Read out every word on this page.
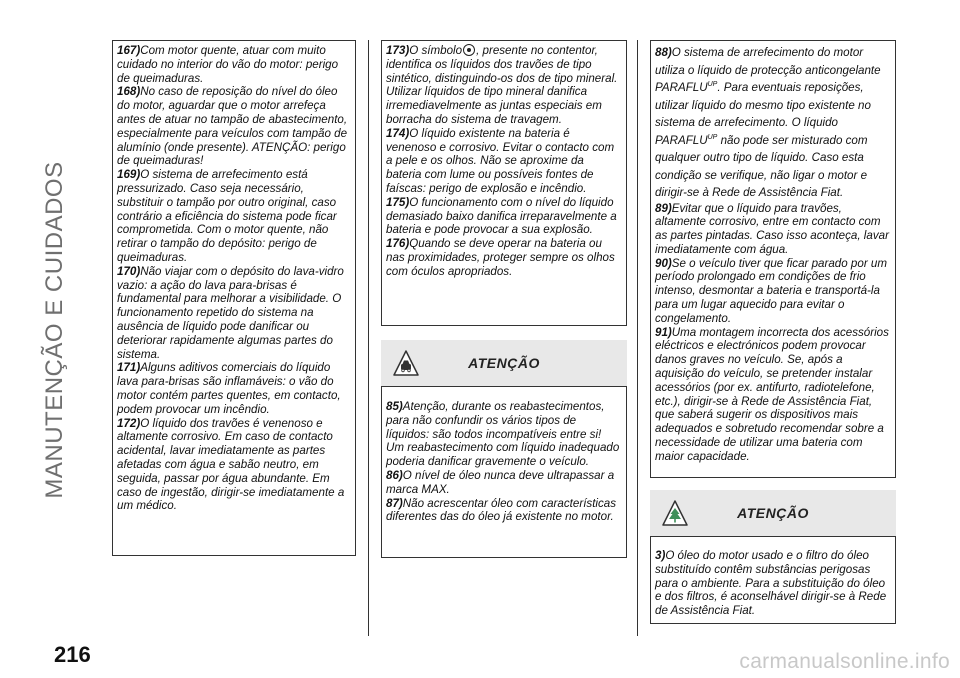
MANUTENÇÃO E CUIDADOS

167)Com motor quente, atuar com muito cuidado no interior do vão do motor: perigo de queimaduras.

168)No caso de reposição do nível do óleo do motor, aguardar que o motor arrefeça antes de atuar no tampão de abastecimento, especialmente para veículos com tampão de alumínio (onde presente). ATENÇÃO: perigo de queimaduras!

169)O sistema de arrefecimento está pressurizado. Caso seja necessário, substituir o tampão por outro original, caso contrário a eficiência do sistema pode ficar comprometida. Com o motor quente, não retirar o tampão do depósito: perigo de queimaduras.

170)Não viajar com o depósito do lava-vidro vazio: a ação do lava para-brisas é fundamental para melhorar a visibilidade. O funcionamento repetido do sistema na ausência de líquido pode danificar ou deteriorar rapidamente algumas partes do sistema.

171)Alguns aditivos comerciais do líquido lava para-brisas são inflamáveis: o vão do motor contém partes quentes, em contacto, podem provocar um incêndio.

172)O líquido dos travões é venenoso e altamente corrosivo. Em caso de contacto acidental, lavar imediatamente as partes afetadas com água e sabão neutro, em seguida, passar por água abundante. Em caso de ingestão, dirigir-se imediatamente a um médico.

173)O símbolo , presente no contentor, identifica os líquidos dos travões de tipo sintético, distinguindo-os dos de tipo mineral. Utilizar líquidos de tipo mineral danifica irremediavelmente as juntas especiais em borracha do sistema de travagem.

174)O líquido existente na bateria é venenoso e corrosivo. Evitar o contacto com a pele e os olhos. Não se aproxime da bateria com lume ou possíveis fontes de faíscas: perigo de explosão e incêndio.

175)O funcionamento com o nível do líquido demasiado baixo danifica irreparavelmente a bateria e pode provocar a sua explosão.

176)Quando se deve operar na bateria ou nas proximidades, proteger sempre os olhos com óculos apropriados.

ATENÇÃO

85)Atenção, durante os reabastecimentos, para não confundir os vários tipos de líquidos: são todos incompatíveis entre si! Um reabastecimento com líquido inadequado poderia danificar gravemente o veículo.

86)O nível de óleo nunca deve ultrapassar a marca MAX.

87)Não acrescentar óleo com características diferentes das do óleo já existente no motor.

88)O sistema de arrefecimento do motor utiliza o líquido de protecção anticongelante $PARAFLU^{UP}$. Para eventuais reposições, utilizar líquido do mesmo tipo existente no sistema de arrefecimento. O líquido $PARAFLU^{UP}$ não pode ser misturado com qualquer outro tipo de líquido. Caso esta condição se verifique, não ligar o motor e dirigir-se à Rede de Assistência Fiat.

89)Evitar que o líquido para travões, altamente corrosivo, entre em contacto com as partes pintadas. Caso isso aconteça, lavar imediatamente com água.

90)Se o veículo tiver que ficar parado por um período prolongado em condições de frio intenso, desmontar a bateria e transportá-la para um lugar aquecido para evitar o congelamento.

91)Uma montagem incorrecta dos acessórios eléctricos e electrónicos podem provocar danos graves no veículo. Se, após a aquisição do veículo, se pretender instalar acessórios (por ex. antifurto, radiotelefone, etc.), dirigir-se à Rede de Assistência Fiat, que saberá sugerir os dispositivos mais adequados e sobretudo recomendar sobre a necessidade de utilizar uma bateria com maior capacidade.

ATENÇÃO

3)O óleo do motor usado e o filtro do óleo substituído contêm substâncias perigosas para o ambiente. Para a substituição do óleo e dos filtros, é aconselhável dirigir-se à Rede de Assistência Fiat.

216	carmanualsonline.info
